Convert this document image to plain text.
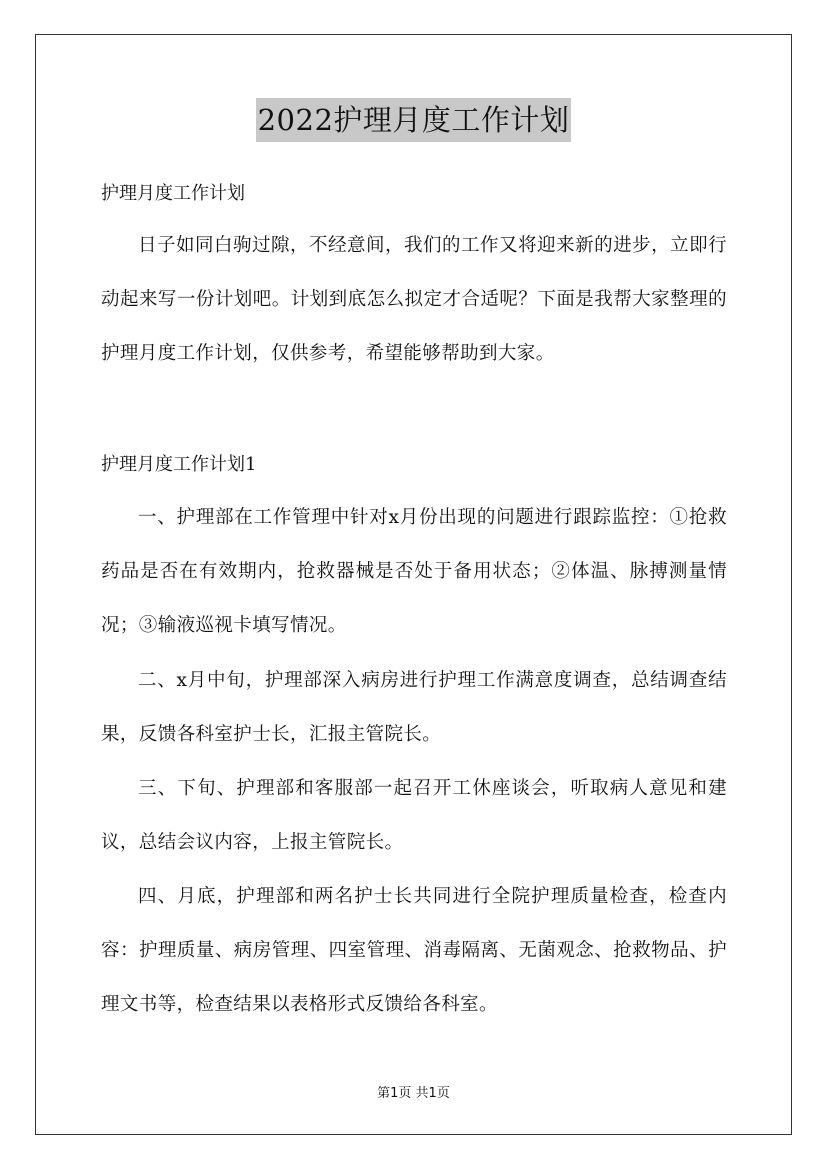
2022护理月度工作计划
护理月度工作计划

日子如同白驹过隙，不经意间，我们的工作又将迎来新的进步，立即行动起来写一份计划吧。计划到底怎么拟定才合适呢？下面是我帮大家整理的护理月度工作计划，仅供参考，希望能够帮助到大家。

护理月度工作计划1

一、护理部在工作管理中针对x月份出现的问题进行跟踪监控：①抢救药品是否在有效期内，抢救器械是否处于备用状态；②体温、脉搏测量情况；③输液巡视卡填写情况。

二、x月中旬，护理部深入病房进行护理工作满意度调查，总结调查结果，反馈各科室护士长，汇报主管院长。

三、下旬、护理部和客服部一起召开工休座谈会，听取病人意见和建议，总结会议内容，上报主管院长。

四、月底，护理部和两名护士长共同进行全院护理质量检查，检查内容：护理质量、病房管理、四室管理、消毒隔离、无菌观念、抢救物品、护理文书等，检查结果以表格形式反馈给各科室。

第1页 共1页
